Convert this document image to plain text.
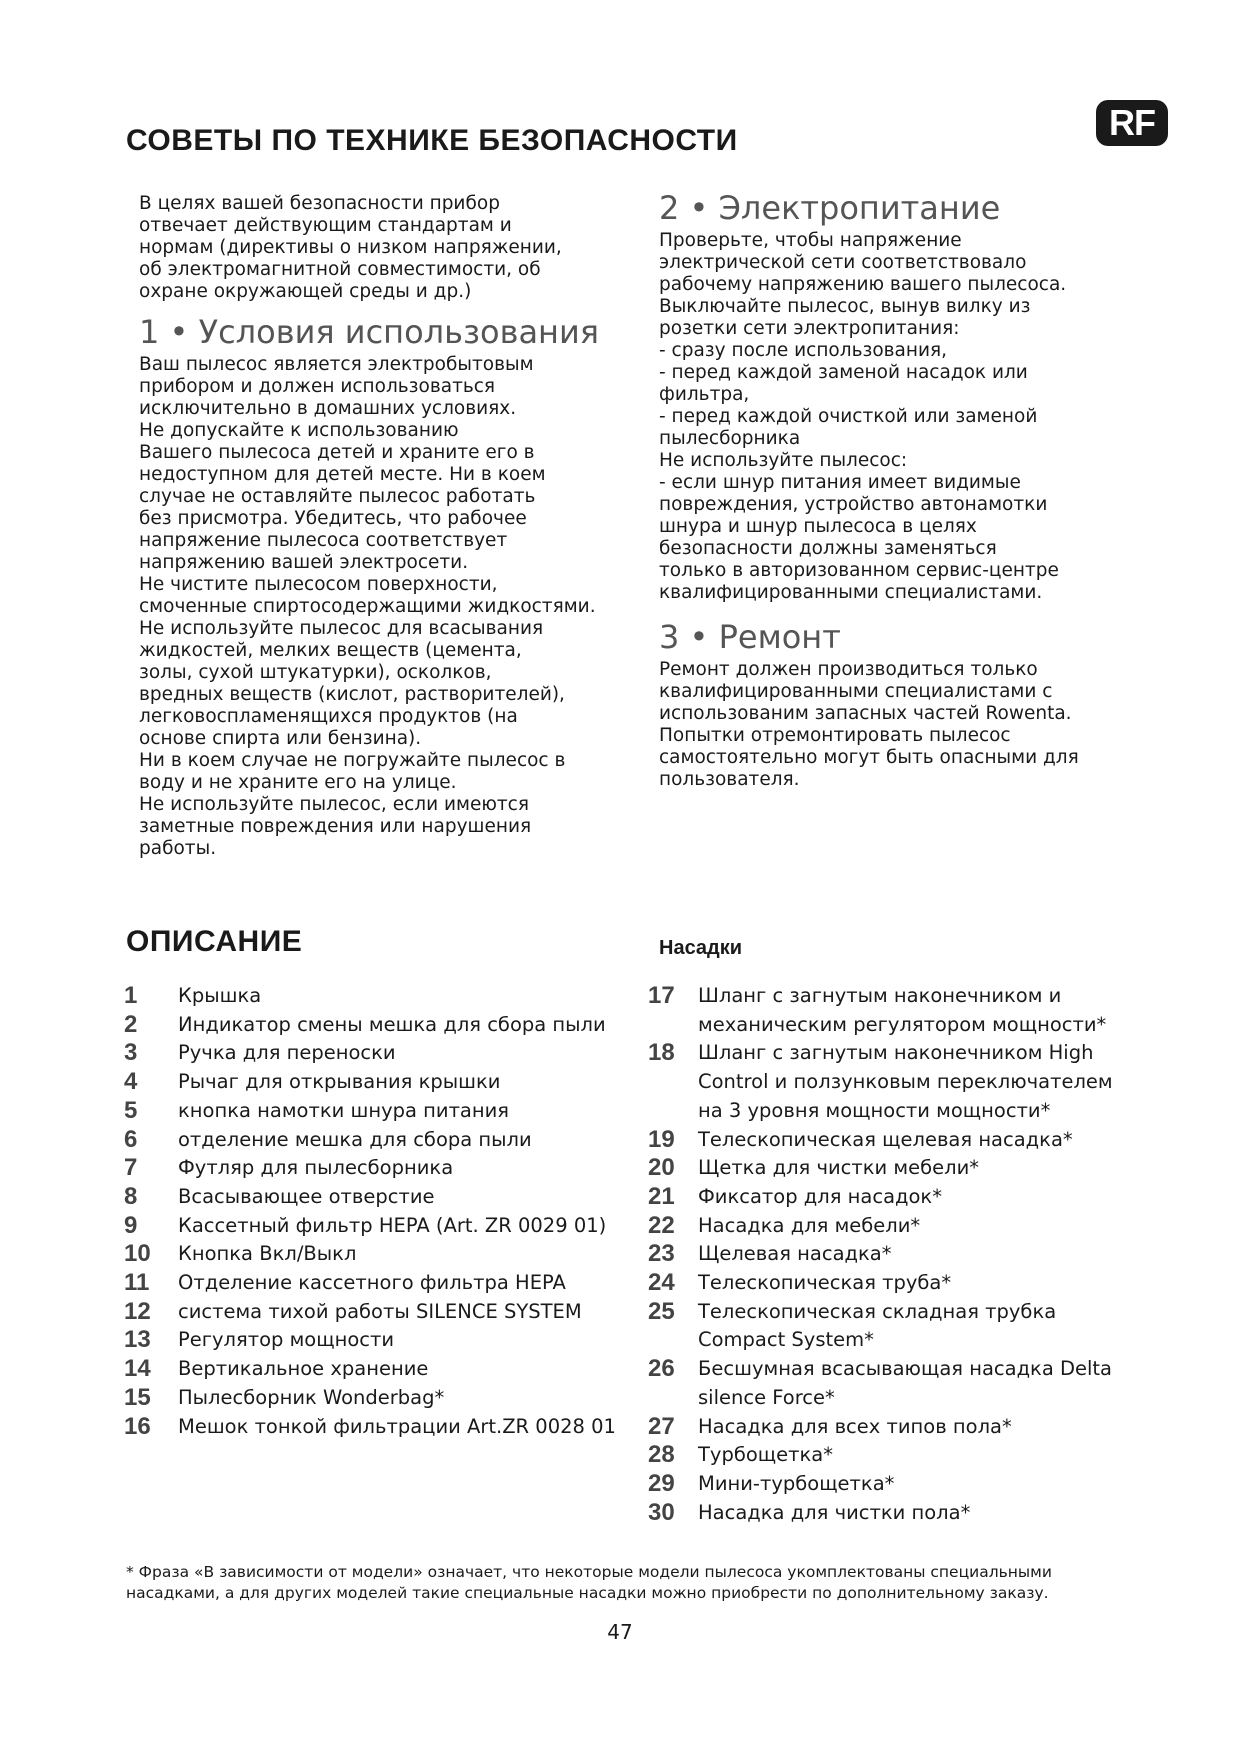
RF
СОВЕТЫ ПО ТЕХНИКЕ БЕЗОПАСНОСТИ

В целях вашей безопасности прибор
отвечает действующим стандартам и
нормам (директивы о низком напряжении,
об электромагнитной совместимости, об
охране окружающей среды и др.)

1 • Условия использования

Ваш пылесос является электробытовым
прибором и должен использоваться
исключительно в домашних условиях.
Не допускайте к использованию
Вашего пылесоса детей и храните его в
недоступном для детей месте. Ни в коем
случае не оставляйте пылесос работать
без присмотра. Убедитесь, что рабочее
напряжение пылесоса соответствует
напряжению вашей электросети.
Не чистите пылесосом поверхности,
смоченные спиртосодержащими жидкостями.
Не используйте пылесос для всасывания
жидкостей, мелких веществ (цемента,
золы, сухой штукатурки), осколков,
вредных веществ (кислот, растворителей),
легковоспламенящихся продуктов (на
основе спирта или бензина).
Ни в коем случае не погружайте пылесос в
воду и не храните его на улице.
Не используйте пылесос, если имеются
заметные повреждения или нарушения
работы.

2 • Электропитание

Проверьте, чтобы напряжение
электрической сети соответствовало
рабочему напряжению вашего пылесоса.
Выключайте пылесос, вынув вилку из
розетки сети электропитания:
- сразу после использования,
- перед каждой заменой насадок или
фильтра,
- перед каждой очисткой или заменой
пылесборника
Не используйте пылесос:
- если шнур питания имеет видимые
повреждения, устройство автонамотки
шнура и шнур пылесоса в целях
безопасности должны заменяться
только в авторизованном сервис-центре
квалифицированными специалистами.

3 • Ремонт

Ремонт должен производиться только
квалифицированными специалистами с
использованим запасных частей Rowenta.
Попытки отремонтировать пылесос
самостоятельно могут быть опасными для
пользователя.

ОПИСАНИЕ	Насадки
1	Крышка
2	Индикатор смены мешка для сбора пыли
3	Ручка для переноски
4	Рычаг для открывания крышки
5	кнопка намотки шнура питания
6	отделение мешка для сбора пыли
7	Футляр для пылесборника
8	Всасывающее отверстие
9	Кассетный фильтр HEPA (Art. ZR 0029 01)
10	Кнопка Вкл/Выкл
11	Отделение кассетного фильтра HEPA
12	система тихой работы SILENCE SYSTEM
13	Регулятор мощности
14	Вертикальное хранение
15	Пылесборник Wonderbag*
16	Мешок тонкой фильтрации Art.ZR 0028 01
17	Шланг с загнутым наконечником и механическим регулятором мощности*
18	Шланг с загнутым наконечником High Control и ползунковым переключателем на 3 уровня мощности мощности*
19	Телескопическая щелевая насадка*
20	Щетка для чистки мебели*
21	Фиксатор для насадок*
22	Насадка для мебели*
23	Щелевая насадка*
24	Телескопическая труба*
25	Телескопическая складная трубка Compact System*
26	Бесшумная всасывающая насадка Delta silence Force*
27	Насадка для всех типов пола*
28	Турбощетка*
29	Мини-турбощетка*
30	Насадка для чистки пола*

* Фраза «В зависимости от модели» означает, что некоторые модели пылесоса укомплектованы специальными насадками, а для других моделей такие специальные насадки можно приобрести по дополнительному заказу.

47
